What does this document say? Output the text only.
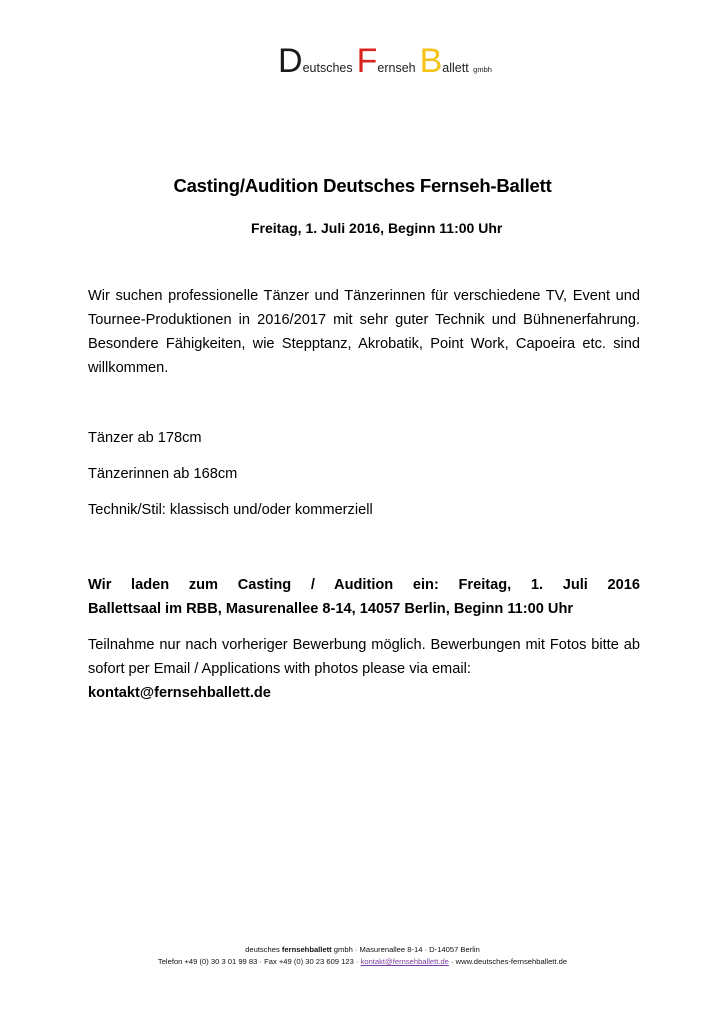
Deutsches Fernseh Ballett gmbh
Casting/Audition Deutsches Fernseh-Ballett
Freitag, 1. Juli 2016, Beginn 11:00 Uhr
Wir suchen professionelle Tänzer und Tänzerinnen für verschiedene TV, Event und Tournee-Produktionen in 2016/2017 mit sehr guter Technik und Bühnenerfahrung. Besondere Fähigkeiten, wie Stepptanz, Akrobatik, Point Work, Capoeira etc. sind willkommen.
Tänzer ab 178cm
Tänzerinnen ab 168cm
Technik/Stil: klassisch und/oder kommerziell
Wir laden zum Casting / Audition ein: Freitag, 1. Juli 2016
Ballettsaal im RBB, Masurenallee 8-14, 14057 Berlin, Beginn 11:00 Uhr
Teilnahme nur nach vorheriger Bewerbung möglich. Bewerbungen mit Fotos bitte ab sofort per Email / Applications with photos please via email:
kontakt@fernsehballett.de
deutsches fernsehballett gmbh · Masurenallee 8-14 · D-14057 Berlin
Telefon +49 (0) 30 3 01 99 83 · Fax +49 (0) 30 23 609 123 · kontakt@fernsehballett.de · www.deutsches-fernsehballett.de
